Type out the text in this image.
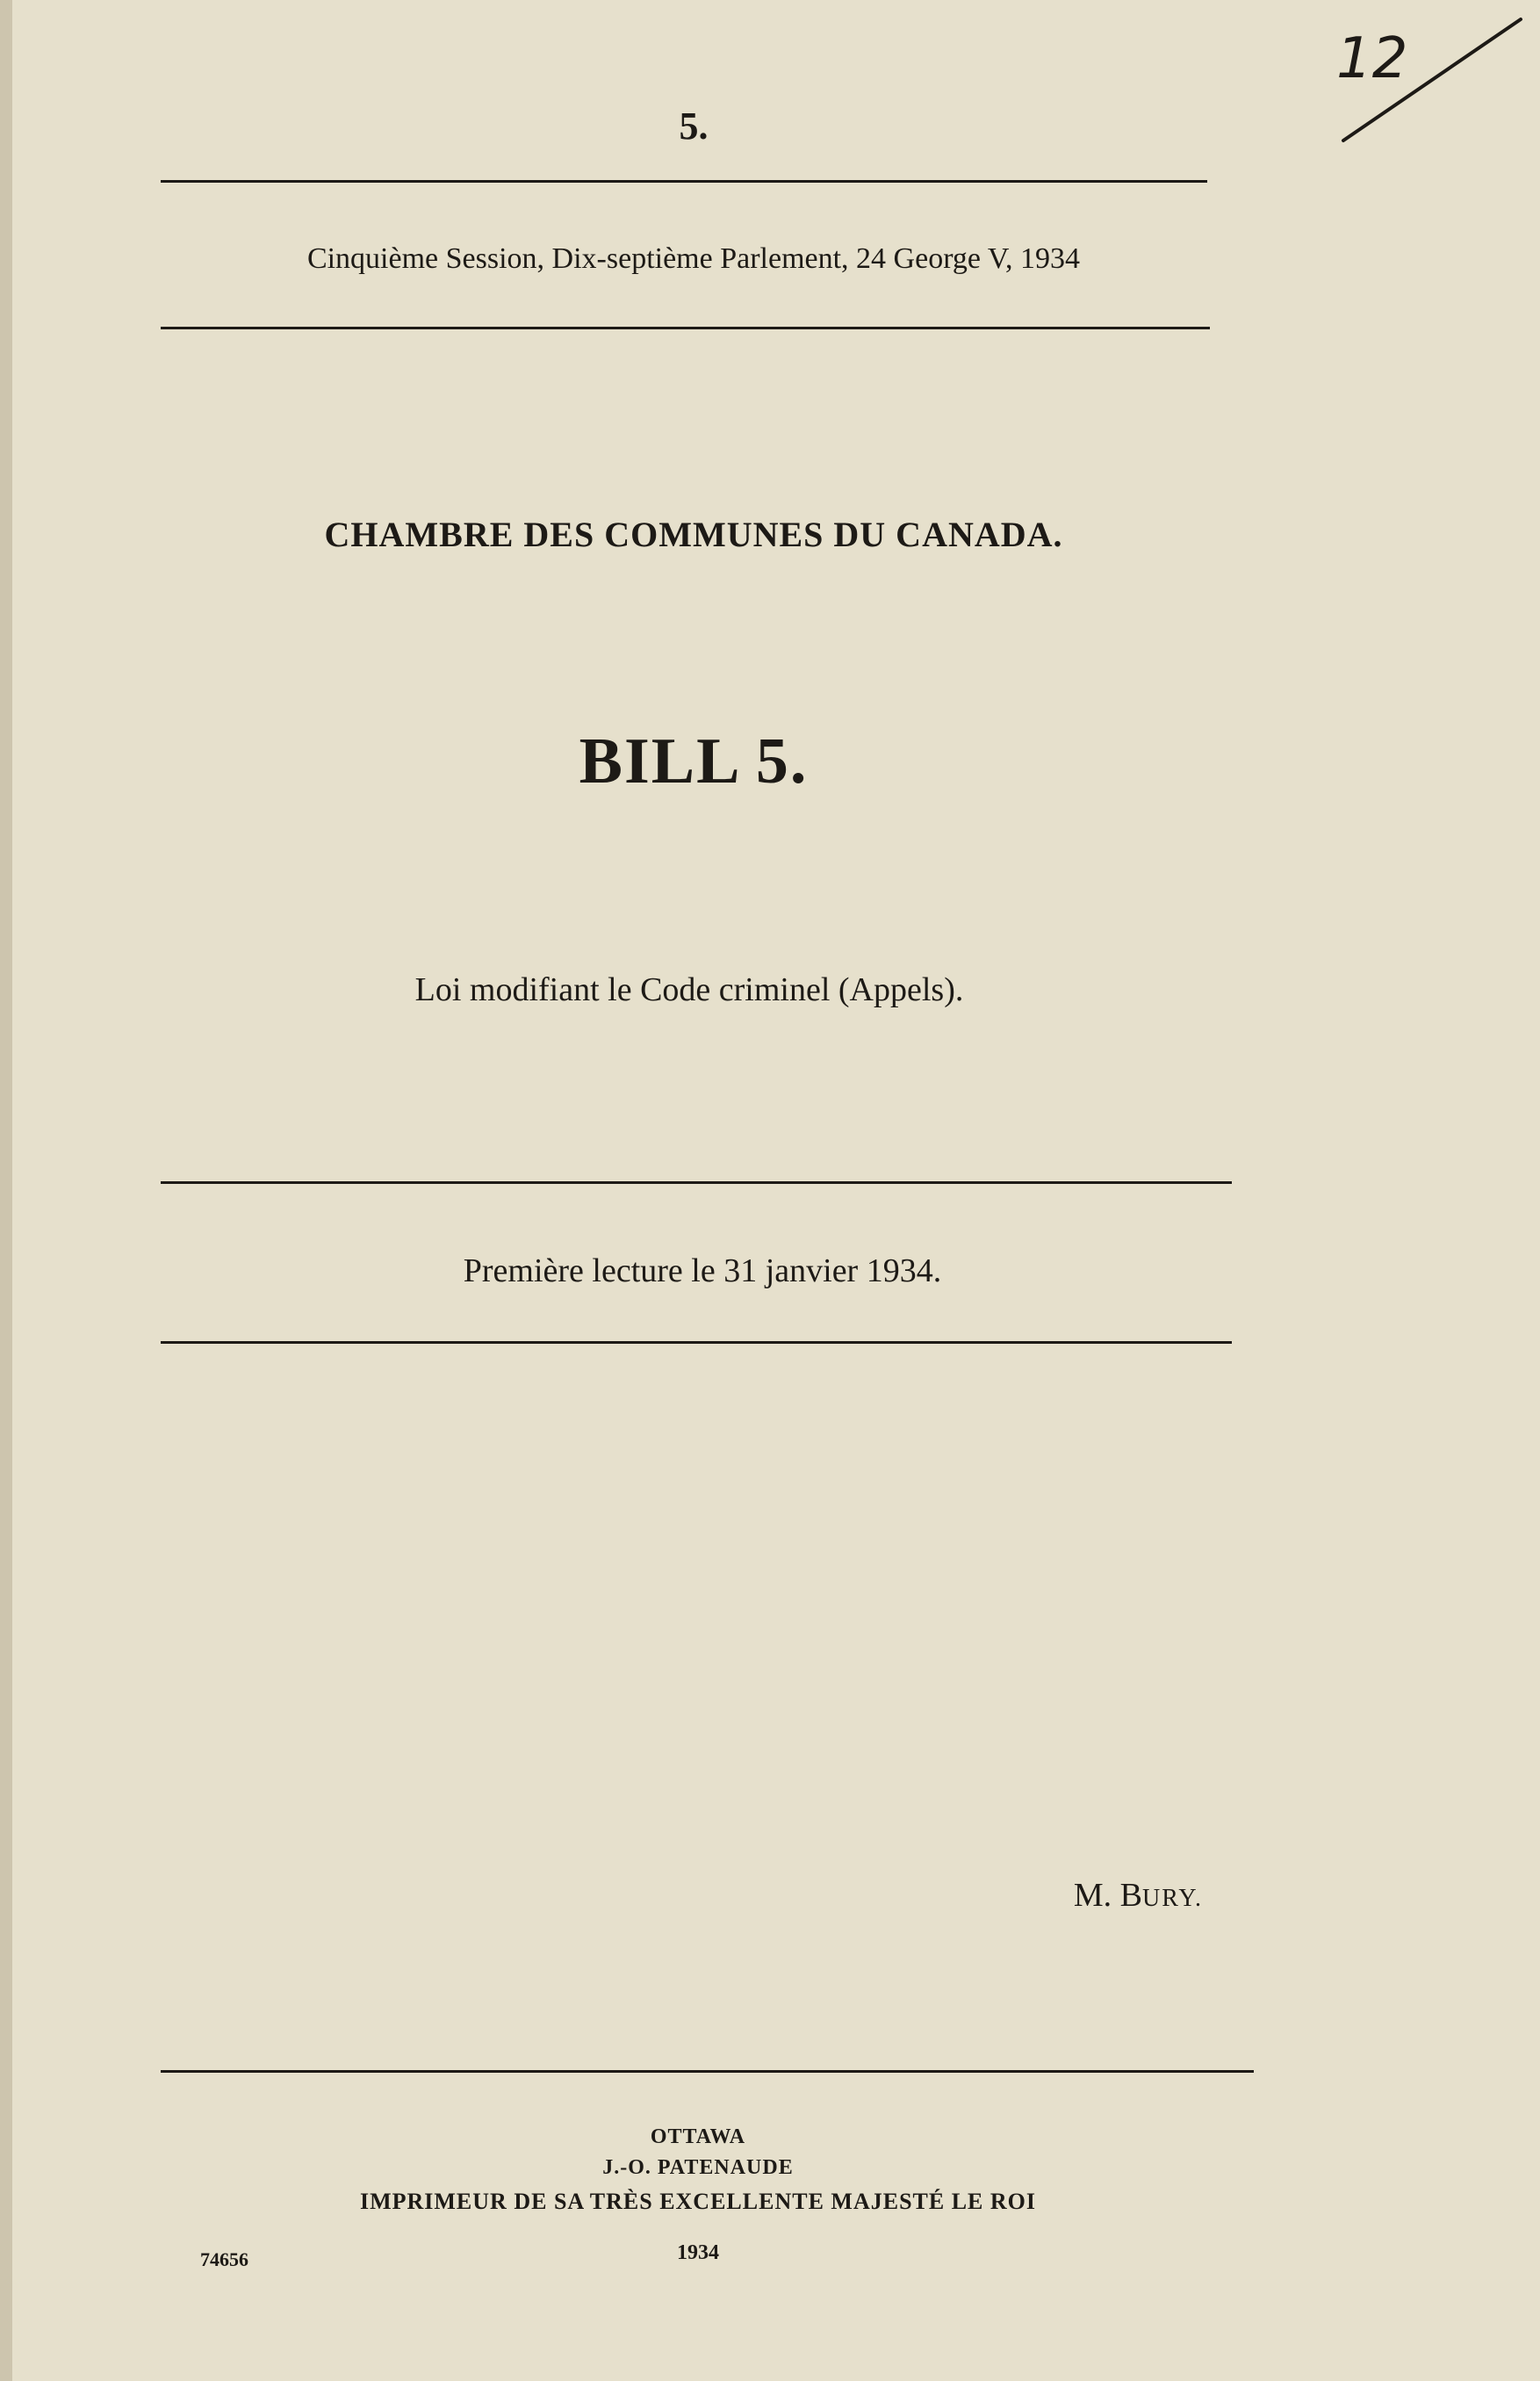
5.
12
Cinquième Session, Dix-septième Parlement, 24 George V, 1934
CHAMBRE DES COMMUNES DU CANADA.
BILL 5.
Loi modifiant le Code criminel (Appels).
Première lecture le 31 janvier 1934.
M. BURY.
OTTAWA
J.-O. PATENAUDE
IMPRIMEUR DE SA TRÈS EXCELLENTE MAJESTÉ LE ROI
74656	1934
